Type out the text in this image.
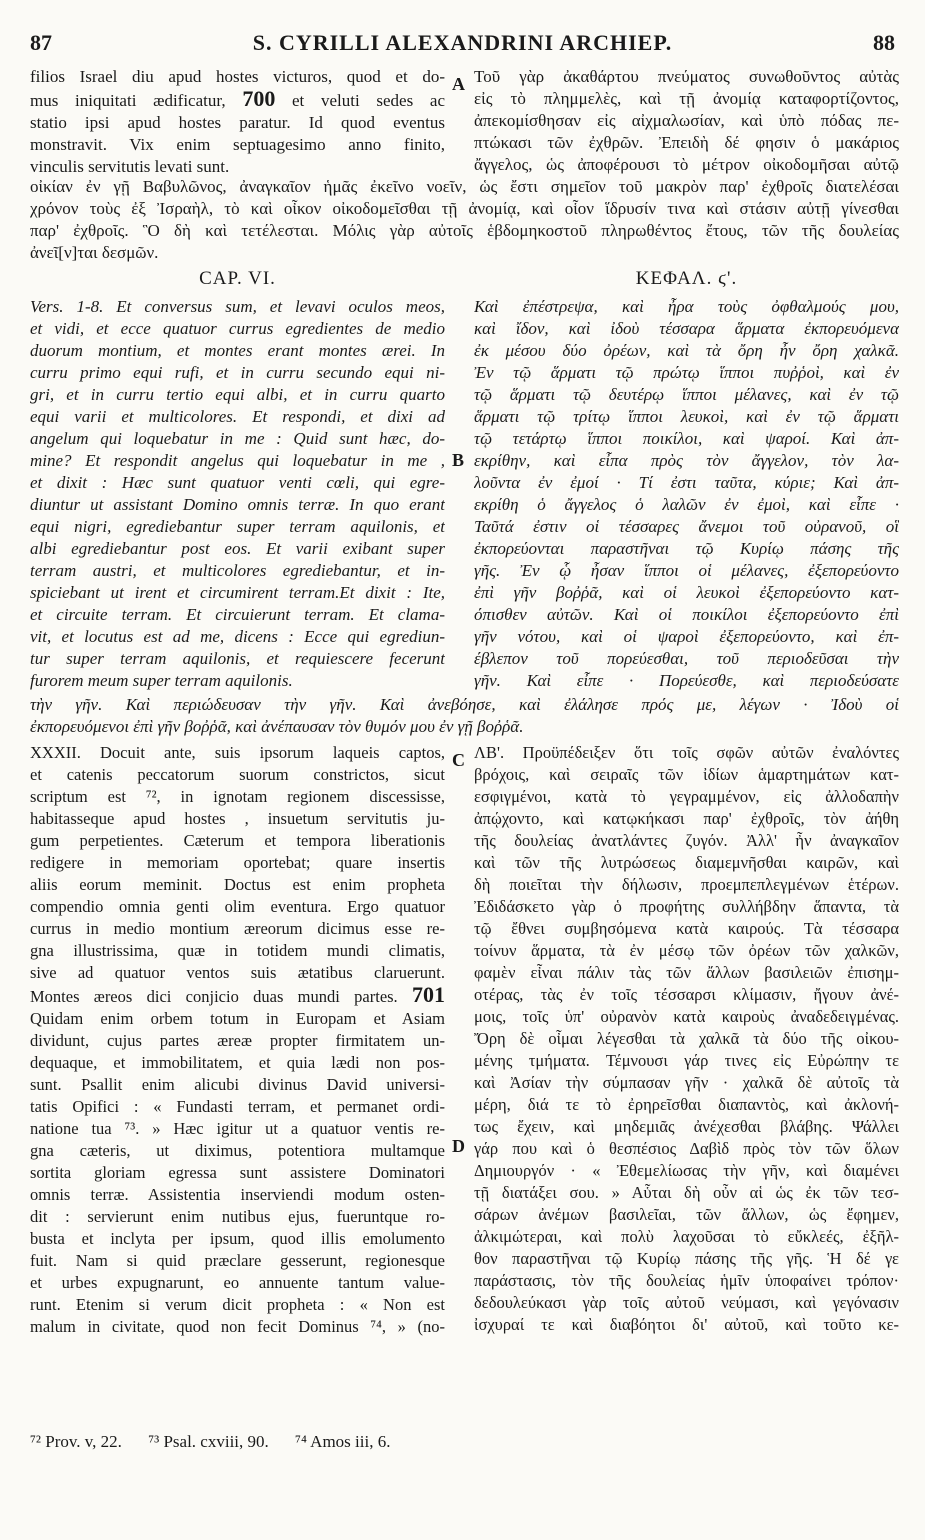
87	S. CYRILLI ALEXANDRINI ARCHIEP.	88
filios Israel diu apud hostes victuros, quod et do-
mus iniquitati ædificatur, 700 et veluti sedes ac
statio ipsi apud hostes paratur. Id quod eventus
monstravit. Vix enim septuagesimo anno finito,
vinculis servitutis levati sunt.
A Τοῦ γὰρ ἀκαθάρτου πνεύματος συνωθοῦντος αὐτὰς
εἰς τὸ πλημμελὲς, καὶ τῇ ἀνομίᾳ καταφορτίζοντος,
ἀπεκομίσθησαν εἰς αἰχμαλωσίαν, καὶ ὑπὸ πόδας πε-
πτώκασι τῶν ἐχθρῶν. Ἐπειδὴ δέ φησιν ὁ μακάριος
ἄγγελος, ὡς ἀποφέρουσι τὸ μέτρον οἰκοδομῆσαι αὐτῷ
οἰκίαν ἐν γῇ Βαβυλῶνος, ἀναγκαῖον ἡμᾶς ἐκεῖνο νοεῖν, ὡς ἔστι σημεῖον τοῦ μακρὸν παρ' ἐχθροῖς διατελέσαι
χρόνον τοὺς ἐξ Ἰσραὴλ, τὸ καὶ οἶκον οἰκοδομεῖσθαι τῇ ἀνομίᾳ, καὶ οἷον ἵδρυσίν τινα καὶ στάσιν αὐτῇ γίνεσθαι
παρ' ἐχθροῖς. Ὃ δὴ καὶ τετέλεσται. Μόλις γὰρ αὐτοῖς ἑβδομηκοστοῦ πληρωθέντος ἔτους, τῶν τῆς δουλείας
ἀνεῖ[ν]ται δεσμῶν.
CAP. VI.	ΚΕΦΑΛ. ϛ'.
Vers. 1-8. Et conversus sum, et levavi oculos meos,
et vidi, et ecce quatuor currus egredientes de medio
duorum montium, et montes erant montes ærei. In
curru primo equi rufi, et in curru secundo equi ni-
gri, et in curru tertio equi albi, et in curru quarto
equi varii et multicolores. Et respondi, et dixi ad
angelum qui loquebatur in me : Quid sunt hæc, do-
mine? Et respondit angelus qui loquebatur in me ,
et dixit : Hæc sunt quatuor venti cœli, qui egre-
diuntur ut assistant Domino omnis terræ. In quo erant
equi nigri, egrediebantur super terram aquilonis, et
albi egrediebantur post eos. Et varii exibant super
terram austri, et multicolores egrediebantur, et in-
spiciebant ut irent et circumirent terram.Et dixit : Ite,
et circuite terram. Et circuierunt terram. Et clama-
vit, et locutus est ad me, dicens : Ecce qui egrediun-
tur super terram aquilonis, et requiescere fecerunt
furorem meum super terram aquilonis.
B
Καὶ ἐπέστρεψα, καὶ ἦρα τοὺς ὀφθαλμούς μου,
καὶ ἴδον, καὶ ἰδοὺ τέσσαρα ἅρματα ἐκπορευόμενα
ἐκ μέσου δύο ὀρέων, καὶ τὰ ὄρη ἦν ὄρη χαλκᾶ.
Ἐν τῷ ἅρματι τῷ πρώτῳ ἵπποι πυῤῥοὶ, καὶ ἐν
τῷ ἅρματι τῷ δευτέρῳ ἵπποι μέλανες, καὶ ἐν τῷ
ἅρματι τῷ τρίτῳ ἵπποι λευκοὶ, καὶ ἐν τῷ ἅρματι
τῷ τετάρτῳ ἵπποι ποικίλοι, καὶ ψαροί. Καὶ ἀπ-
εκρίθην, καὶ εἶπα πρὸς τὸν ἄγγελον, τὸν λα-
λοῦντα ἐν ἐμοί · Τί ἐστι ταῦτα, κύριε; Καὶ ἀπ-
εκρίθη ὁ ἄγγελος ὁ λαλῶν ἐν ἐμοὶ, καὶ εἶπε ·
Ταῦτά ἐστιν οἱ τέσσαρες ἄνεμοι τοῦ οὐρανοῦ, οἳ
ἐκπορεύονται παραστῆναι τῷ Κυρίῳ πάσης τῆς
γῆς. Ἐν ᾧ ἦσαν ἵπποι οἱ μέλανες, ἐξεπορεύοντο
ἐπὶ γῆν βοῤῥᾶ, καὶ οἱ λευκοὶ ἐξεπορεύοντο κατ-
όπισθεν αὐτῶν. Καὶ οἱ ποικίλοι ἐξεπορεύοντο ἐπὶ
γῆν νότου, καὶ οἱ ψαροὶ ἐξεπορεύοντο, καὶ ἐπ-
έβλεπον τοῦ πορεύεσθαι, τοῦ περιοδεῦσαι τὴν
γῆν. Καὶ εἶπε · Πορεύεσθε, καὶ περιοδεύσατε
τὴν γῆν. Καὶ περιώδευσαν τὴν γῆν. Καὶ ἀνεβόησε, καὶ ἐλάλησε πρός με, λέγων · Ἰδοὺ οἱ
ἐκπορευόμενοι ἐπὶ γῆν βοῤῥᾶ, καὶ ἀνέπαυσαν τὸν θυμόν μου ἐν γῇ βοῤῥᾶ.
XXXII. Docuit ante, suis ipsorum laqueis captos,
et catenis peccatorum suorum constrictos, sicut
scriptum est ⁷², in ignotam regionem discessisse,
habitasseque apud hostes , insuetum servitutis ju-
gum perpetientes. Cæterum et tempora liberationis
redigere in memoriam oportebat; quare insertis
aliis eorum meminit. Doctus est enim propheta
compendio omnia genti olim eventura. Ergo quatuor
currus in medio montium æreorum dicimus esse re-
gna illustrissima, quæ in totidem mundi climatis,
sive ad quatuor ventos suis ætatibus claruerunt.
Montes æreos dici conjicio duas mundi partes. 701
Quidam enim orbem totum in Europam et Asiam
dividunt, cujus partes æreæ propter firmitatem un-
dequaque, et immobilitatem, et quia lædi non pos-
sunt. Psallit enim alicubi divinus David universi-
tatis Opifici : « Fundasti terram, et permanet ordi-
natione tua ⁷³. » Hæc igitur ut a quatuor ventis re-
gna cæteris, ut diximus, potentiora multamque
sortita gloriam egressa sunt assistere Dominatori
omnis terræ. Assistentia inserviendi modum osten-
dit : servierunt enim nutibus ejus, fueruntque ro-
busta et inclyta per ipsum, quod illis emolumento
fuit. Nam si quid præclare gesserunt, regionesque
et urbes expugnarunt, eo annuente tantum value-
runt. Etenim si verum dicit propheta : « Non est
malum in civitate, quod non fecit Dominus ⁷⁴, » (no-
C
D
ΛΒ'. Προϋπέδειξεν ὅτι τοῖς σφῶν αὐτῶν ἐναλόντες
βρόχοις, καὶ σειραῖς τῶν ἰδίων ἁμαρτημάτων κατ-
εσφιγμένοι, κατὰ τὸ γεγραμμένον, εἰς ἀλλοδαπὴν
ἀπῴχοντο, καὶ κατῳκήκασι παρ' ἐχθροῖς, τὸν ἀήθη
τῆς δουλείας ἀνατλάντες ζυγόν. Ἀλλ' ἦν ἀναγκαῖον
καὶ τῶν τῆς λυτρώσεως διαμεμνῆσθαι καιρῶν, καὶ
δὴ ποιεῖται τὴν δήλωσιν, προεμπεπλεγμένων ἑτέρων.
Ἐδιδάσκετο γὰρ ὁ προφήτης συλλήβδην ἅπαντα, τὰ
τῷ ἔθνει συμβησόμενα κατὰ καιρούς. Τὰ τέσσαρα
τοίνυν ἅρματα, τὰ ἐν μέσῳ τῶν ὀρέων τῶν χαλκῶν,
φαμὲν εἶναι πάλιν τὰς τῶν ἄλλων βασιλειῶν ἐπισημ-
οτέρας, τὰς ἐν τοῖς τέσσαρσι κλίμασιν, ἤγουν ἀνέ-
μοις, τοῖς ὑπ' οὐρανὸν κατὰ καιροὺς ἀναδεδειγμένας.
Ὄρη δὲ οἶμαι λέγεσθαι τὰ χαλκᾶ τὰ δύο τῆς οἰκου-
μένης τμήματα. Τέμνουσι γάρ τινες εἰς Εὐρώπην τε
καὶ Ἀσίαν τὴν σύμπασαν γῆν · χαλκᾶ δὲ αὐτοῖς τὰ
μέρη, διά τε τὸ ἐρηρεῖσθαι διαπαντὸς, καὶ ἀκλονή-
τως ἔχειν, καὶ μηδεμιᾶς ἀνέχεσθαι βλάβης. Ψάλλει
γάρ που καὶ ὁ θεσπέσιος Δαβὶδ πρὸς τὸν τῶν ὅλων
Δημιουργόν · « Ἐθεμελίωσας τὴν γῆν, καὶ διαμένει
τῇ διατάξει σου. » Αὗται δὴ οὖν αἱ ὡς ἐκ τῶν τεσ-
σάρων ἀνέμων βασιλεῖαι, τῶν ἄλλων, ὡς ἔφημεν,
ἀλκιμώτεραι, καὶ πολὺ λαχοῦσαι τὸ εὔκλεές, ἐξῆλ-
θον παραστῆναι τῷ Κυρίῳ πάσης τῆς γῆς. Ἡ δέ γε
παράστασις, τὸν τῆς δουλείας ἡμῖν ὑποφαίνει τρόπον·
δεδουλεύκασι γὰρ τοῖς αὐτοῦ νεύμασι, καὶ γεγόνασιν
ἰσχυραί τε καὶ διαβόητοι δι' αὐτοῦ, καὶ τοῦτο κε-
⁷² Prov. v, 22. ⁷³ Psal. cxviii, 90. ⁷⁴ Amos iii, 6.
